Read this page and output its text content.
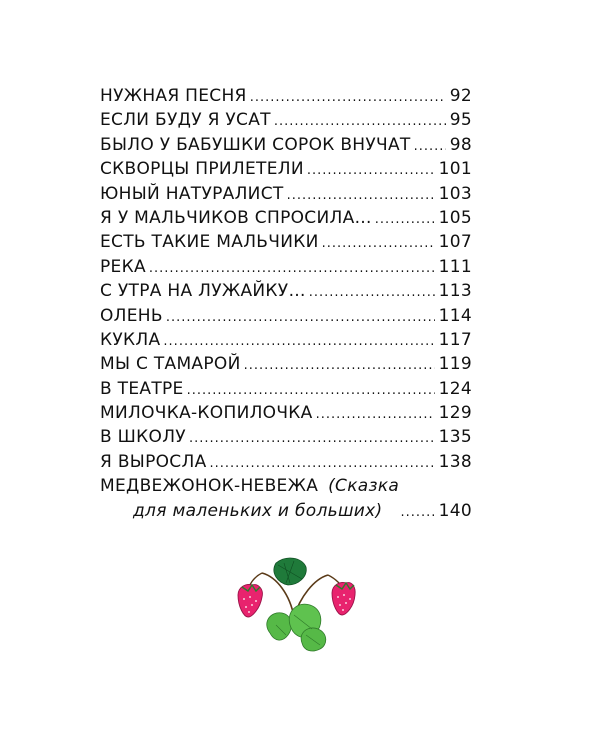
НУЖНАЯ ПЕСНЯ .....	92
ЕСЛИ БУДУ Я УСАТ .....	95
БЫЛО У БАБУШКИ СОРОК ВНУЧАТ ..... 98
СКВОРЦЫ ПРИЛЕТЕЛИ .....	101
ЮНЫЙ НАТУРАЛИСТ .....	103
Я У МАЛЬЧИКОВ СПРОСИЛА… .....	105
ЕСТЬ ТАКИЕ МАЛЬЧИКИ .....	107
РЕКА .....	111
С УТРА НА ЛУЖАЙКУ… .....	113
ОЛЕНЬ .....	114
КУКЛА .....	117
МЫ С ТАМАРОЙ .....	119
В ТЕАТРЕ .....	124
МИЛОЧКА-КОПИЛОЧКА .....	129
В ШКОЛУ .....	135
Я ВЫРОСЛА .....	138
МЕДВЕЖОНОК-НЕВЕЖА (Сказка
для маленьких и больших) .....	140
